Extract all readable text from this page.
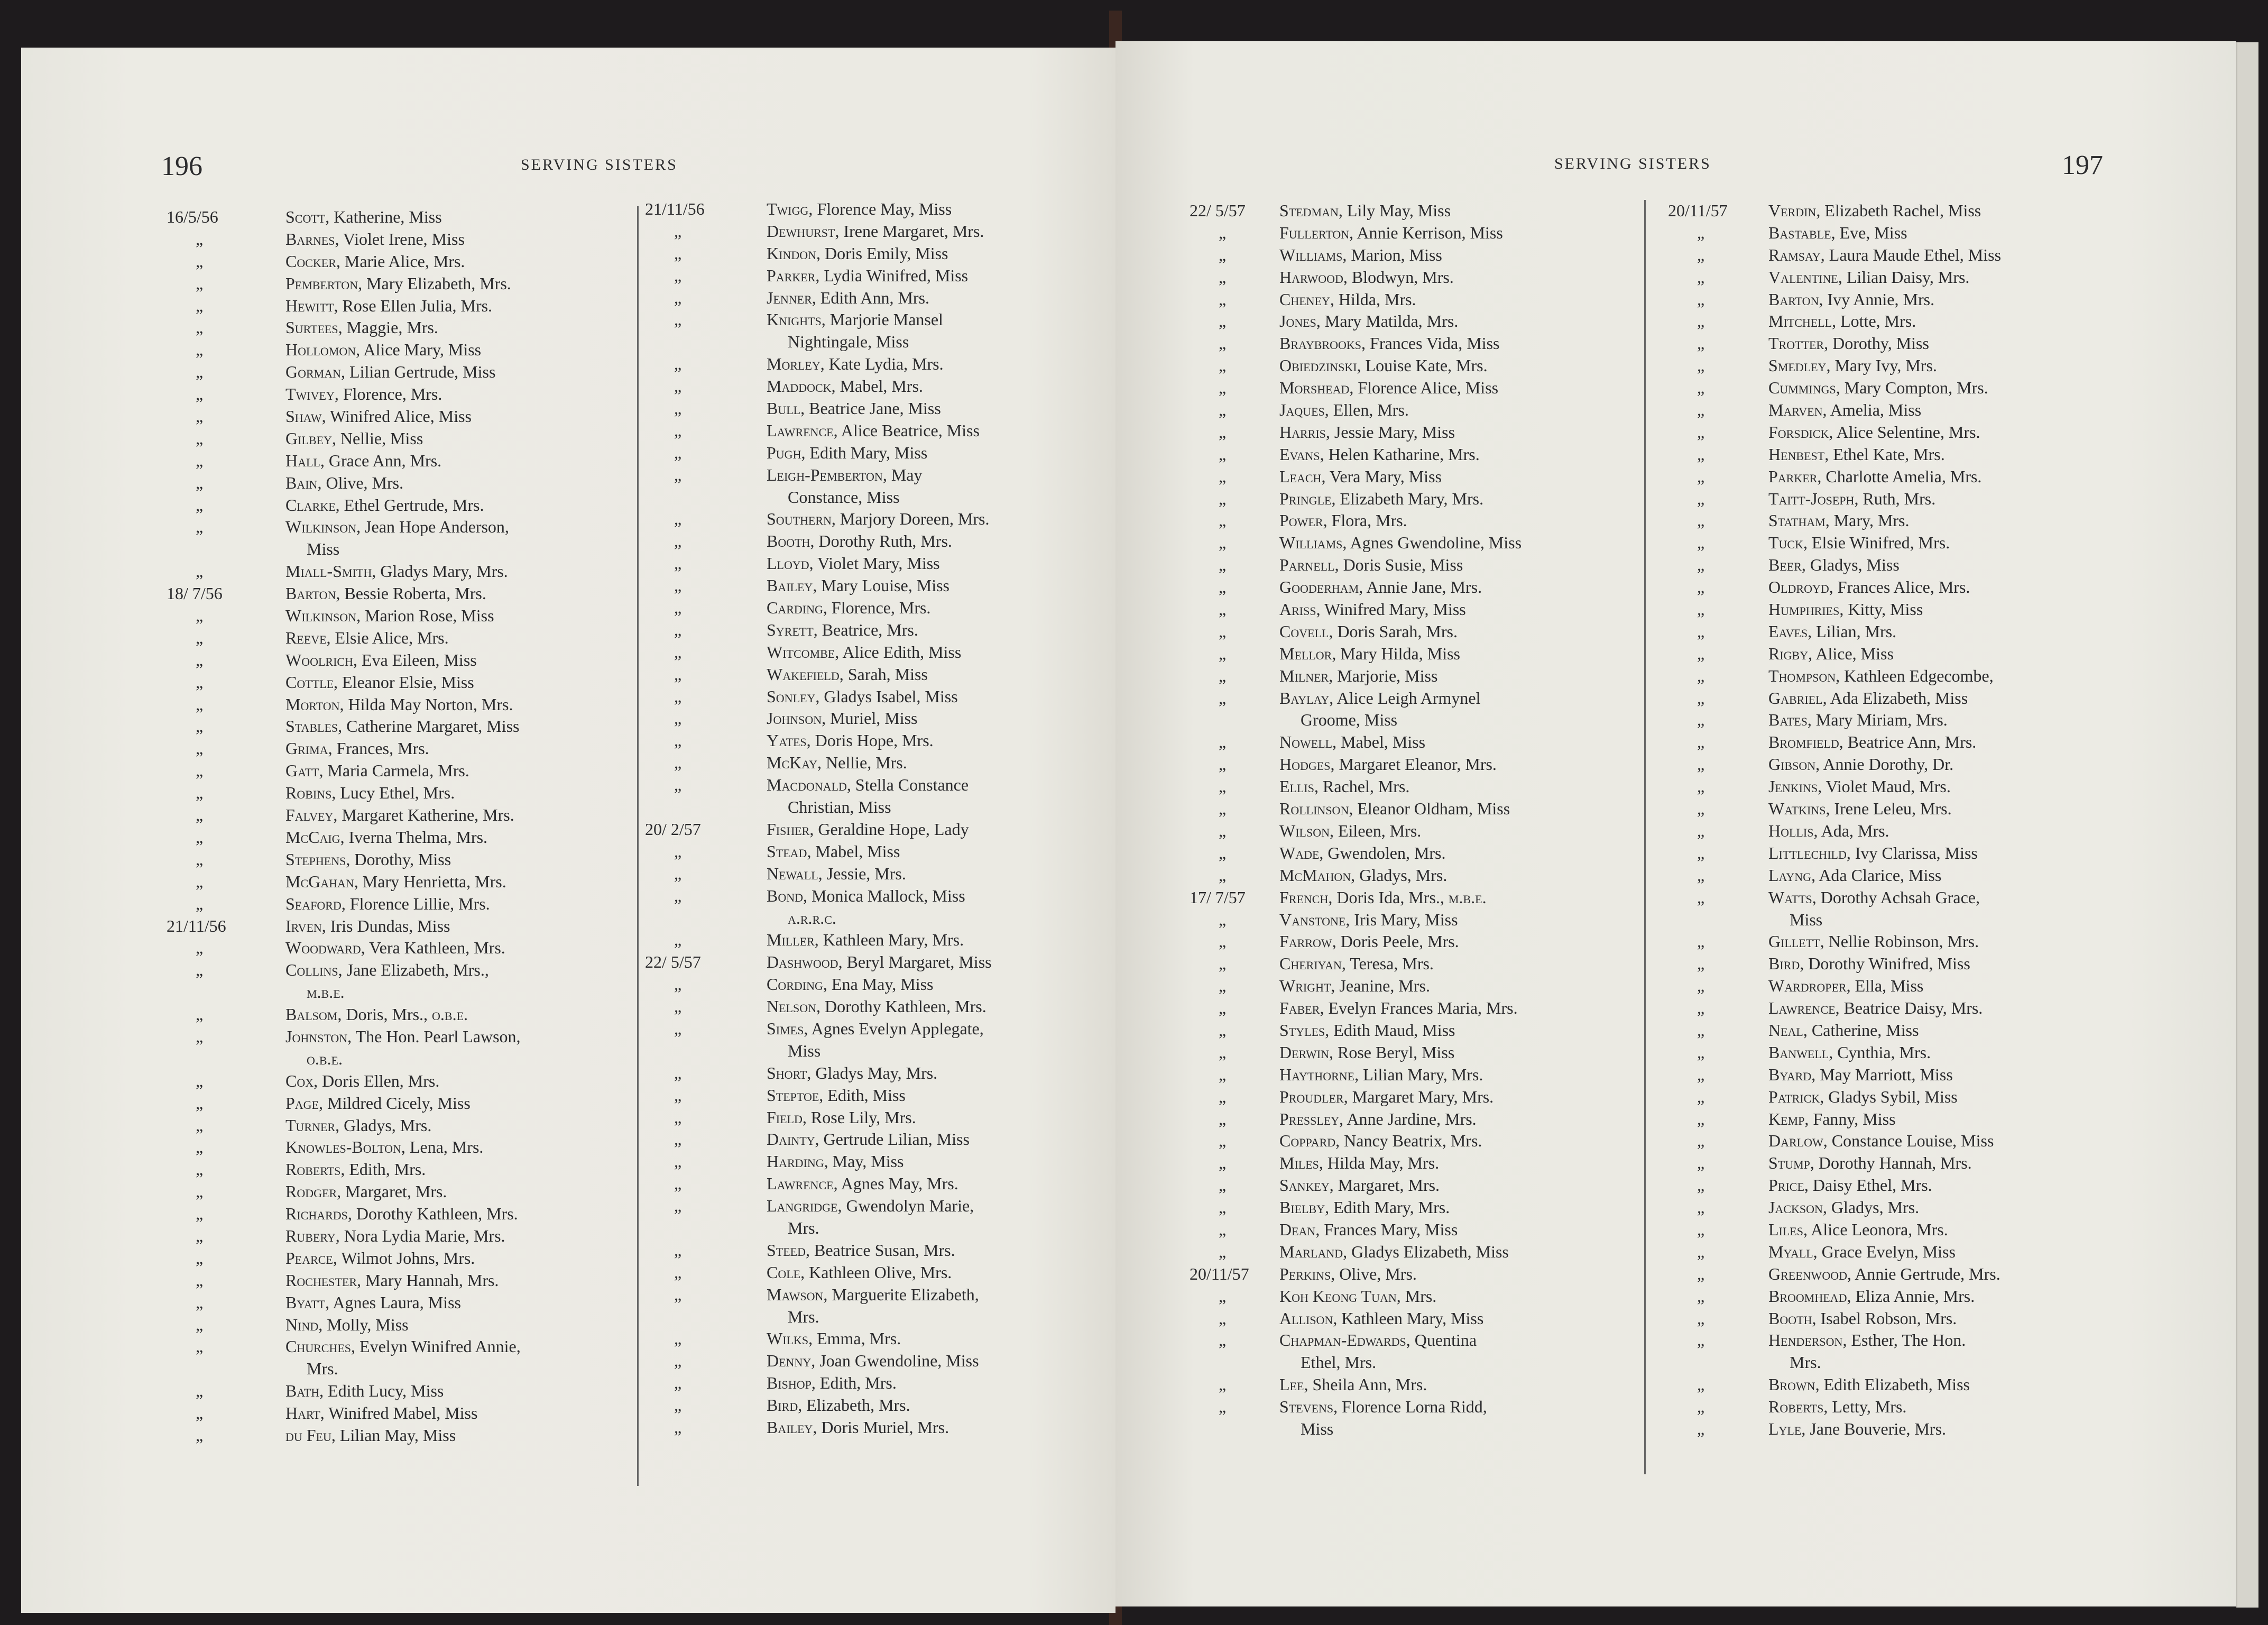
196	SERVING SISTERS
16/5/56	Scott, Katherine, Miss
„	Barnes, Violet Irene, Miss
„	Cocker, Marie Alice, Mrs.
„	Pemberton, Mary Elizabeth, Mrs.
„	Hewitt, Rose Ellen Julia, Mrs.
„	Surtees, Maggie, Mrs.
„	Hollomon, Alice Mary, Miss
„	Gorman, Lilian Gertrude, Miss
„	Twivey, Florence, Mrs.
„	Shaw, Winifred Alice, Miss
„	Gilbey, Nellie, Miss
„	Hall, Grace Ann, Mrs.
„	Bain, Olive, Mrs.
„	Clarke, Ethel Gertrude, Mrs.
„	Wilkinson, Jean Hope Anderson,
Miss
„	Miall-Smith, Gladys Mary, Mrs.
18/ 7/56	Barton, Bessie Roberta, Mrs.
„	Wilkinson, Marion Rose, Miss
„	Reeve, Elsie Alice, Mrs.
„	Woolrich, Eva Eileen, Miss
„	Cottle, Eleanor Elsie, Miss
„	Morton, Hilda May Norton, Mrs.
„	Stables, Catherine Margaret, Miss
„	Grima, Frances, Mrs.
„	Gatt, Maria Carmela, Mrs.
„	Robins, Lucy Ethel, Mrs.
„	Falvey, Margaret Katherine, Mrs.
„	McCaig, Iverna Thelma, Mrs.
„	Stephens, Dorothy, Miss
„	McGahan, Mary Henrietta, Mrs.
„	Seaford, Florence Lillie, Mrs.
21/11/56	Irven, Iris Dundas, Miss
„	Woodward, Vera Kathleen, Mrs.
„	Collins, Jane Elizabeth, Mrs.,
m.b.e.
„	Balsom, Doris, Mrs., o.b.e.
„	Johnston, The Hon. Pearl Lawson,
o.b.e.
„	Cox, Doris Ellen, Mrs.
„	Page, Mildred Cicely, Miss
„	Turner, Gladys, Mrs.
„	Knowles-Bolton, Lena, Mrs.
„	Roberts, Edith, Mrs.
„	Rodger, Margaret, Mrs.
„	Richards, Dorothy Kathleen, Mrs.
„	Rubery, Nora Lydia Marie, Mrs.
„	Pearce, Wilmot Johns, Mrs.
„	Rochester, Mary Hannah, Mrs.
„	Byatt, Agnes Laura, Miss
„	Nind, Molly, Miss
„	Churches, Evelyn Winifred Annie,
Mrs.
„	Bath, Edith Lucy, Miss
„	Hart, Winifred Mabel, Miss
„	du Feu, Lilian May, Miss
21/11/56	Twigg, Florence May, Miss
„	Dewhurst, Irene Margaret, Mrs.
„	Kindon, Doris Emily, Miss
„	Parker, Lydia Winifred, Miss
„	Jenner, Edith Ann, Mrs.
„	Knights, Marjorie Mansel
Nightingale, Miss
„	Morley, Kate Lydia, Mrs.
„	Maddock, Mabel, Mrs.
„	Bull, Beatrice Jane, Miss
„	Lawrence, Alice Beatrice, Miss
„	Pugh, Edith Mary, Miss
„	Leigh-Pemberton, May
Constance, Miss
„	Southern, Marjory Doreen, Mrs.
„	Booth, Dorothy Ruth, Mrs.
„	Lloyd, Violet Mary, Miss
„	Bailey, Mary Louise, Miss
„	Carding, Florence, Mrs.
„	Syrett, Beatrice, Mrs.
„	Witcombe, Alice Edith, Miss
„	Wakefield, Sarah, Miss
„	Sonley, Gladys Isabel, Miss
„	Johnson, Muriel, Miss
„	Yates, Doris Hope, Mrs.
„	McKay, Nellie, Mrs.
„	Macdonald, Stella Constance
Christian, Miss
20/ 2/57	Fisher, Geraldine Hope, Lady
„	Stead, Mabel, Miss
„	Newall, Jessie, Mrs.
„	Bond, Monica Mallock, Miss
a.r.r.c.
„	Miller, Kathleen Mary, Mrs.
22/ 5/57	Dashwood, Beryl Margaret, Miss
„	Cording, Ena May, Miss
„	Nelson, Dorothy Kathleen, Mrs.
„	Simes, Agnes Evelyn Applegate,
Miss
„	Short, Gladys May, Mrs.
„	Steptoe, Edith, Miss
„	Field, Rose Lily, Mrs.
„	Dainty, Gertrude Lilian, Miss
„	Harding, May, Miss
„	Lawrence, Agnes May, Mrs.
„	Langridge, Gwendolyn Marie,
Mrs.
„	Steed, Beatrice Susan, Mrs.
„	Cole, Kathleen Olive, Mrs.
„	Mawson, Marguerite Elizabeth,
Mrs.
„	Wilks, Emma, Mrs.
„	Denny, Joan Gwendoline, Miss
„	Bishop, Edith, Mrs.
„	Bird, Elizabeth, Mrs.
„	Bailey, Doris Muriel, Mrs.
SERVING SISTERS	197
22/ 5/57 Stedman, Lily May, Miss
„	Fullerton, Annie Kerrison, Miss
„	Williams, Marion, Miss
„	Harwood, Blodwyn, Mrs.
„	Cheney, Hilda, Mrs.
„	Jones, Mary Matilda, Mrs.
„	Braybrooks, Frances Vida, Miss
„	Obiedzinski, Louise Kate, Mrs.
„	Morshead, Florence Alice, Miss
„	Jaques, Ellen, Mrs.
„	Harris, Jessie Mary, Miss
„	Evans, Helen Katharine, Mrs.
„	Leach, Vera Mary, Miss
„	Pringle, Elizabeth Mary, Mrs.
„	Power, Flora, Mrs.
„	Williams, Agnes Gwendoline, Miss
„	Parnell, Doris Susie, Miss
„	Gooderham, Annie Jane, Mrs.
„	Ariss, Winifred Mary, Miss
„	Covell, Doris Sarah, Mrs.
„	Mellor, Mary Hilda, Miss
„	Milner, Marjorie, Miss
„	Baylay, Alice Leigh Armynel
Groome, Miss
„	Nowell, Mabel, Miss
„	Hodges, Margaret Eleanor, Mrs.
„	Ellis, Rachel, Mrs.
„	Rollinson, Eleanor Oldham, Miss
„	Wilson, Eileen, Mrs.
„	Wade, Gwendolen, Mrs.
„	McMahon, Gladys, Mrs.
17/ 7/57 French, Doris Ida, Mrs., m.b.e.
„	Vanstone, Iris Mary, Miss
„	Farrow, Doris Peele, Mrs.
„	Cheriyan, Teresa, Mrs.
„	Wright, Jeanine, Mrs.
„	Faber, Evelyn Frances Maria, Mrs.
„	Styles, Edith Maud, Miss
„	Derwin, Rose Beryl, Miss
„	Haythorne, Lilian Mary, Mrs.
„	Proudler, Margaret Mary, Mrs.
„	Pressley, Anne Jardine, Mrs.
„	Coppard, Nancy Beatrix, Mrs.
„	Miles, Hilda May, Mrs.
„	Sankey, Margaret, Mrs.
„	Bielby, Edith Mary, Mrs.
„	Dean, Frances Mary, Miss
„	Marland, Gladys Elizabeth, Miss
20/11/57 Perkins, Olive, Mrs.
„	Koh Keong Tuan, Mrs.
„	Allison, Kathleen Mary, Miss
„	Chapman-Edwards, Quentina
Ethel, Mrs.
„	Lee, Sheila Ann, Mrs.
„	Stevens, Florence Lorna Ridd,
Miss
20/11/57 Verdin, Elizabeth Rachel, Miss
„	Bastable, Eve, Miss
„	Ramsay, Laura Maude Ethel, Miss
„	Valentine, Lilian Daisy, Mrs.
„	Barton, Ivy Annie, Mrs.
„	Mitchell, Lotte, Mrs.
„	Trotter, Dorothy, Miss
„	Smedley, Mary Ivy, Mrs.
„	Cummings, Mary Compton, Mrs.
„	Marven, Amelia, Miss
„	Forsdick, Alice Selentine, Mrs.
„	Henbest, Ethel Kate, Mrs.
„	Parker, Charlotte Amelia, Mrs.
„	Taitt-Joseph, Ruth, Mrs.
„	Statham, Mary, Mrs.
„	Tuck, Elsie Winifred, Mrs.
„	Beer, Gladys, Miss
„	Oldroyd, Frances Alice, Mrs.
„	Humphries, Kitty, Miss
„	Eaves, Lilian, Mrs.
„	Rigby, Alice, Miss
„	Thompson, Kathleen Edgecombe,
„	Gabriel, Ada Elizabeth, Miss
„	Bates, Mary Miriam, Mrs.
„	Bromfield, Beatrice Ann, Mrs.
„	Gibson, Annie Dorothy, Dr.
„	Jenkins, Violet Maud, Mrs.
„	Watkins, Irene Leleu, Mrs.
„	Hollis, Ada, Mrs.
„	Littlechild, Ivy Clarissa, Miss
„	Layng, Ada Clarice, Miss
„	Watts, Dorothy Achsah Grace,
Miss
„	Gillett, Nellie Robinson, Mrs.
„	Bird, Dorothy Winifred, Miss
„	Wardroper, Ella, Miss
„	Lawrence, Beatrice Daisy, Mrs.
„	Neal, Catherine, Miss
„	Banwell, Cynthia, Mrs.
„	Byard, May Marriott, Miss
„	Patrick, Gladys Sybil, Miss
„	Kemp, Fanny, Miss
„	Darlow, Constance Louise, Miss
„	Stump, Dorothy Hannah, Mrs.
„	Price, Daisy Ethel, Mrs.
„	Jackson, Gladys, Mrs.
„	Liles, Alice Leonora, Mrs.
„	Myall, Grace Evelyn, Miss
„	Greenwood, Annie Gertrude, Mrs.
„	Broomhead, Eliza Annie, Mrs.
„	Booth, Isabel Robson, Mrs.
„	Henderson, Esther, The Hon.
Mrs.
„	Brown, Edith Elizabeth, Miss
„	Roberts, Letty, Mrs.
„	Lyle, Jane Bouverie, Mrs.
